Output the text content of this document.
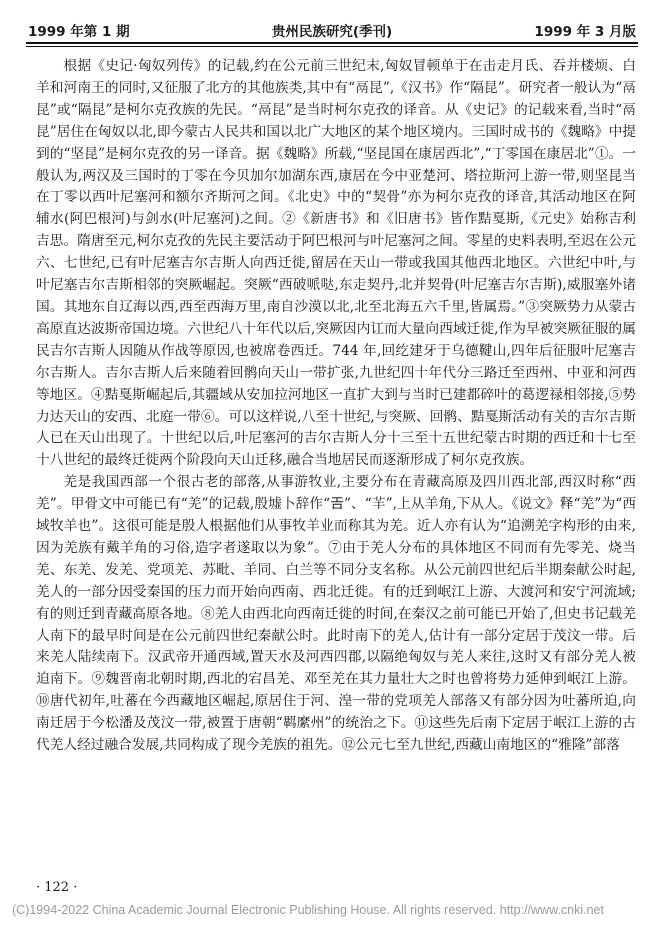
1999 年第 1 期	贵州民族研究(季刊)	1999 年 3 月版

根据《史记·匈奴列传》的记载,约在公元前三世纪末,匈奴冒顿单于在击走月氏、吞并楼烦、白羊和河南王的同时,又征服了北方的其他族类,其中有“鬲昆”,《汉书》作“隔昆”。研究者一般认为“鬲昆”或“隔昆”是柯尔克孜族的先民。“鬲昆”是当时柯尔克孜的译音。从《史记》的记载来看,当时“鬲昆”居住在匈奴以北,即今蒙古人民共和国以北广大地区的某个地区境内。三国时成书的《魏略》中提到的“坚昆”是柯尔克孜的另一译音。据《魏略》所载,“坚昆国在康居西北”,“丁零国在康居北”①。一般认为,两汉及三国时的丁零在今贝加尔加湖东西,康居在今中亚楚河、塔拉斯河上游一带,则坚昆当在丁零以西叶尼塞河和额尔齐斯河之间。《北史》中的“契骨”亦为柯尔克孜的译音,其活动地区在阿辅水(阿巴根河)与剑水(叶尼塞河)之间。②《新唐书》和《旧唐书》皆作黠戛斯,《元史》始称吉利吉思。隋唐至元,柯尔克孜的先民主要活动于阿巴根河与叶尼塞河之间。零星的史料表明,至迟在公元六、七世纪,已有叶尼塞吉尔吉斯人向西迁徙,留居在天山一带或我国其他西北地区。六世纪中叶,与叶尼塞吉尔吉斯相邻的突厥崛起。突厥“西破哌哒,东走契丹,北并契骨(叶尼塞吉尔吉斯),威服塞外诸国。其地东自辽海以西,西至西海万里,南自沙漠以北,北至北海五六千里,皆属焉。”③突厥势力从蒙古高原直达波斯帝国边境。六世纪八十年代以后,突厥因内讧而大量向西域迁徙,作为早被突厥征服的属民吉尔吉斯人因随从作战等原因,也被席卷西迁。744 年,回纥建牙于乌德鞬山,四年后征服叶尼塞吉尔吉斯人。吉尔吉斯人后来随着回鹘向天山一带扩张,九世纪四十年代分三路迁至西州、中亚和河西等地区。④黠戛斯崛起后,其疆域从安加拉河地区一直扩大到与当时已建都碎叶的葛逻禄相邻接,⑤势力达天山的安西、北庭一带⑥。可以这样说,八至十世纪,与突厥、回鹘、黠戛斯活动有关的吉尔吉斯人已在天山出现了。十世纪以后,叶尼塞河的吉尔吉斯人分十三至十五世纪蒙古时期的西迁和十七至十八世纪的最终迁徙两个阶段向天山迁移,融合当地居民而逐渐形成了柯尔克孜族。

羌是我国西部一个很古老的部落,从事游牧业,主要分布在青藏高原及四川西北部,西汉时称“西羌”。甲骨文中可能已有“羌”的记载,殷墟卜辞作“𢀛”、“𦍋”,上从羊角,下从人。《说文》释“羌”为“西域牧羊也”。这很可能是殷人根据他们从事牧羊业而称其为羌。近人亦有认为“追溯羌字构形的由来,因为羌族有戴羊角的习俗,造字者遂取以为象”。⑦由于羌人分布的具体地区不同而有先零羌、烧当羌、东羌、发羌、党项羌、苏毗、羊同、白兰等不同分支名称。从公元前四世纪后半期秦献公时起,羌人的一部分因受秦国的压力而开始向西南、西北迁徙。有的迁到岷江上游、大渡河和安宁河流域;有的则迁到青藏高原各地。⑧羌人由西北向西南迁徙的时间,在秦汉之前可能已开始了,但史书记载羌人南下的最早时间是在公元前四世纪秦献公时。此时南下的羌人,估计有一部分定居于茂汶一带。后来羌人陆续南下。汉武帝开通西域,置天水及河西四郡,以隔绝匈奴与羌人来往,这时又有部分羌人被迫南下。⑨魏晋南北朝时期,西北的宕昌羌、邓至羌在其力量壮大之时也曾将势力延伸到岷江上游。⑩唐代初年,吐蕃在今西藏地区崛起,原居住于河、湟一带的党项羌人部落又有部分因为吐蕃所迫,向南迁居于今松潘及茂汶一带,被置于唐朝“羁縻州”的统治之下。⑪这些先后南下定居于岷江上游的古代羌人经过融合发展,共同构成了现今羌族的祖先。⑫公元七至九世纪,西藏山南地区的“雅隆”部落

· 122 ·
(C)1994-2022 China Academic Journal Electronic Publishing House. All rights reserved. http://www.cnki.net
